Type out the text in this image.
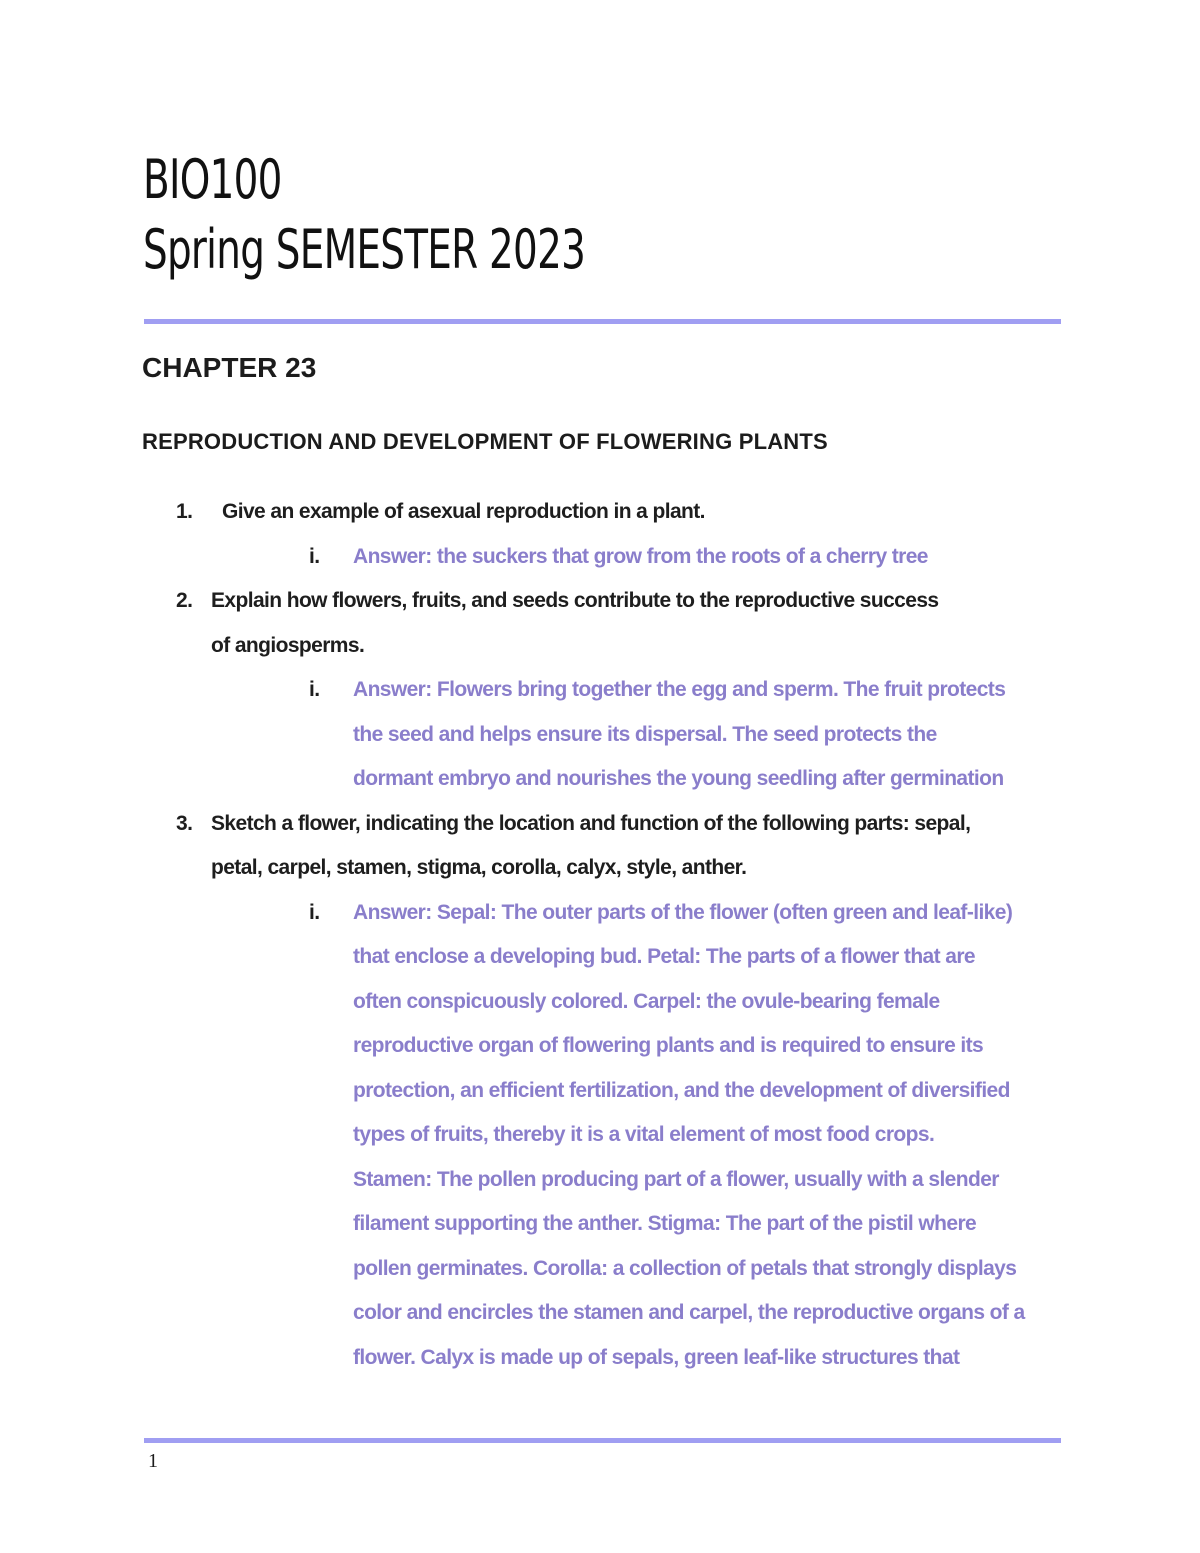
BIO100
Spring SEMESTER 2023
CHAPTER 23
REPRODUCTION AND DEVELOPMENT OF FLOWERING PLANTS
1. Give an example of asexual reproduction in a plant.
i. Answer: the suckers that grow from the roots of a cherry tree
2. Explain how flowers, fruits, and seeds contribute to the reproductive success
of angiosperms.
i. Answer: Flowers bring together the egg and sperm. The fruit protects
the seed and helps ensure its dispersal. The seed protects the
dormant embryo and nourishes the young seedling after germination
3. Sketch a flower, indicating the location and function of the following parts: sepal,
petal, carpel, stamen, stigma, corolla, calyx, style, anther.
i. Answer: Sepal: The outer parts of the flower (often green and leaf-like)
that enclose a developing bud. Petal: The parts of a flower that are
often conspicuously colored. Carpel: the ovule-bearing female
reproductive organ of flowering plants and is required to ensure its
protection, an efficient fertilization, and the development of diversified
types of fruits, thereby it is a vital element of most food crops.
Stamen: The pollen producing part of a flower, usually with a slender
filament supporting the anther. Stigma: The part of the pistil where
pollen germinates. Corolla: a collection of petals that strongly displays
color and encircles the stamen and carpel, the reproductive organs of a
flower. Calyx is made up of sepals, green leaf-like structures that
1
